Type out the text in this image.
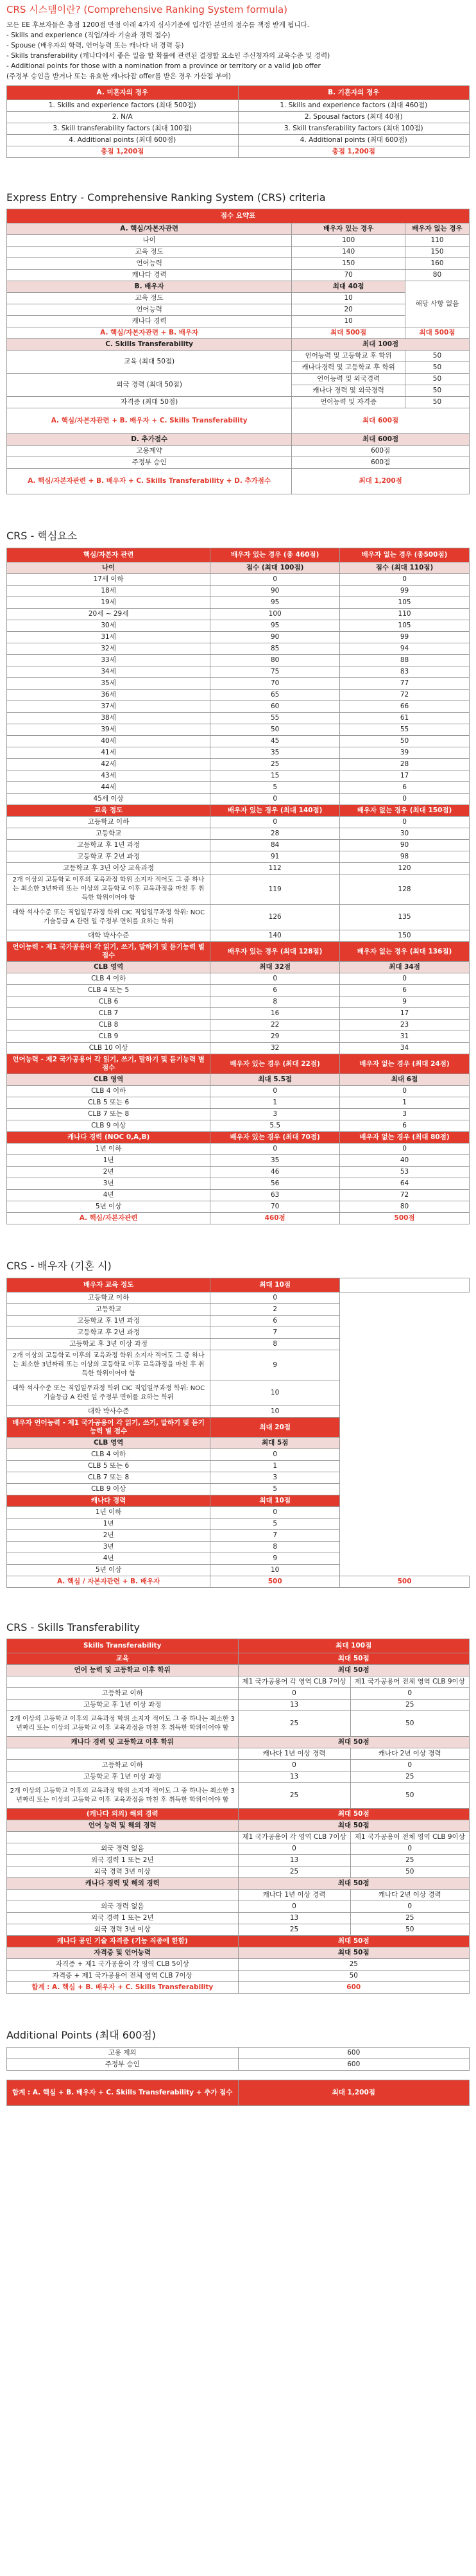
CRS 시스템이란? (Comprehensive Ranking System formula)

모든 EE 후보자들은 총점 1200점 만점 아래 4가지 심사기준에 입각한 본인의 점수를 책정 받게 됩니다.

- Skills and experience (직업/자라 기술과 경력 점수)

- Spouse (배우자의 학력, 언어능력 또는 캐나다 내 경력 등)

- Skills transferability (캐나다에서 좋은 일을 할 확률에 관련된 결정할 요소인 주신청자의 교육수준 및 경력)

- Additional points for those with a nomination from a province or territory or a valid job offer

(주정부 승인을 받거나 또는 유효한 캐나다잡 offer를 받은 경우 가산점 부여)

A. 미혼자의 경우	B. 기혼자의 경우
1. Skills and experience factors (최대 500점)	1. Skills and experience factors (최대 460점)
2. N/A	2. Spousal factors (최대 40점)
3. Skill transferability factors (최대 100점)	3. Skill transferability factors (최대 100점)
4. Additional points (최대 600점)	4. Additional points (최대 600점)
총점 1,200점	총점 1,200점
Express Entry - Comprehensive Ranking System (CRS) criteria
점수 요약표		
A. 핵심/자본자관련	배우자 있는 경우	배우자 없는 경우
나이	100	110
교육 정도	140	150
언어능력	150	160
캐나다 경력	70	80
B. 배우자	최대 40점	해당 사항 없음
교육 정도	10	
언어능력	20	
캐나다 경력	10	
A. 핵심/자본자관련 + B. 배우자	최대 500점	최대 500점
C. Skills Transferability	최대 100점	
교육 (최대 50점)	언어능력 및 고등학교 후 학위	50
	캐나다경력 및 고등학교 후 학위	50
외국 경력 (최대 50점)	언어능력 및 외국경력	50
	캐나다 경력 및 외국경력	50
자격증 (최대 50점)	언어능력 및 자격증	50
A. 핵심/자본자관련 + B. 배우자 + C. Skills Transferability	최대 600점	
D. 추가점수	최대 600점	
고용계약	600점	
주정부 승인	600점	
A. 핵심/자본자관련 + B. 배우자 + C. Skills Transferability + D. 추가점수	최대 1,200점	
CRS - 핵심요소
핵심/자본자 관련	배우자 있는 경우 (총 460점)	배우자 없는 경우 (총500점)
나이	점수 (최대 100점)	점수 (최대 110점)
17세 이하	0	0
18세	90	99
19세	95	105
20세 ~ 29세	100	110
30세	95	105
31세	90	99
32세	85	94
33세	80	88
34세	75	83
35세	70	77
36세	65	72
37세	60	66
38세	55	61
39세	50	55
40세	45	50
41세	35	39
42세	25	28
43세	15	17
44세	5	6
45세 이상	0	0
교육 정도	배우자 있는 경우 (최대 140점)	배우자 없는 경우 (최대 150점)
고등학교 이하	0	0
고등학교	28	30
고등학교 후 1년 과정	84	90
고등학교 후 2년 과정	91	98
고등학교 후 3년 이상 교육과정	112	120
2개 이상의 고등학교 이후의 교육과정 학위 소지자 적어도 그 중 하나는 최소한 3년짜리 또는 이상의 고등학교 이후 교육과정을 마친 후 취득한 학위이어야 함	119	128
대학 석사수준 또는 직업일무과정 학위 CIC 직업일무과정 학위: NOC 기술등급 A 관련 일 주정부 면허를 요하는 학위	126	135
대학 박사수준	140	150
언어능력 - 제1 국가공용어 각 읽기, 쓰기, 말하기 및 듣기능력 별 점수	배우자 있는 경우 (최대 128점)	배우자 없는 경우 (최대 136점)
CLB 영역	최대 32점	최대 34점
CLB 4 이하	0	0
CLB 4 또는 5	6	6
CLB 6	8	9
CLB 7	16	17
CLB 8	22	23
CLB 9	29	31
CLB 10 이상	32	34
언어능력 - 제2 국가공용어 각 읽기, 쓰기, 말하기 및 듣기능력 별 점수	배우자 있는 경우 (최대 22점)	배우자 없는 경우 (최대 24점)
CLB 영역	최대 5.5점	최대 6점
CLB 4 이하	0	0
CLB 5 또는 6	1	1
CLB 7 또는 8	3	3
CLB 9 이상	5.5	6
캐나다 경력 (NOC 0,A,B)	배우자 있는 경우 (최대 70점)	배우자 없는 경우 (최대 80점)
1년 이하	0	0
1년	35	40
2년	46	53
3년	56	64
4년	63	72
5년 이상	70	80
A. 핵심/자본자관련	460점	500점
CRS - 배우자 (기혼 시)
배우자 교육 정도	최대 10점	해당 사항 없음
고등학교 이하	0	
고등학교	2	
고등학교 후 1년 과정	6	
고등학교 후 2년 과정	7	
고등학교 후 3년 이상 과정	8	
2개 이상의 고등학교 이후의 교육과정 학위 소지자 적어도 그 중 하나는 최소한 3년짜리 또는 이상의 고등학교 이후 교육과정을 마친 후 취득한 학위이어야 함	9	
대학 석사수준 또는 직업일무과정 학위 CIC 직업일무과정 학위: NOC 기술등급 A 관련 일 주정부 면허를 요하는 학위	10	
대학 박사수준	10	
배우자 언어능력 - 제1 국가공용어 각 읽기, 쓰기, 말하기 및 듣기능력 별 점수	최대 20점	
CLB 영역	최대 5점	
CLB 4 이하	0	
CLB 5 또는 6	1	
CLB 7 또는 8	3	
CLB 9 이상	5	
캐나다 경력	최대 10점	
1년 이하	0	
1년	5	
2년	7	
3년	8	
4년	9	
5년 이상	10	
A. 핵심 / 자본자관련 + B. 배우자	500	500
CRS - Skills Transferability
Skills Transferability	최대 100점	
교육	최대 50점	
언어 능력 및 고등학교 이후 학위	최대 50점	
	제1 국가공용어 각 영역 CLB 7이상	제1 국가공용어 전체 영역 CLB 9이상
고등학교 이하	0	0
고등학교 후 1년 이상 과정	13	25
2개 이상의 고등학교 이후의 교육과정 학위 소지자 적어도 그 중 하나는 최소한 3년짜리 또는 이상의 고등학교 이후 교육과정을 마친 후 취득한 학위이어야 함	25	50
캐나다 경력 및 고등학교 이후 학위	최대 50점	
	캐나다 1년 이상 경력	캐나다 2년 이상 경력
고등학교 이하	0	0
고등학교 후 1년 이상 과정	13	25
2개 이상의 고등학교 이후의 교육과정 학위 소지자 적어도 그 중 하나는 최소한 3년짜리 또는 이상의 고등학교 이후 교육과정을 마친 후 취득한 학위이어야 함	25	50
(캐나다 외의) 해외 경력	최대 50점	
언어 능력 및 해외 경력	최대 50점	
	제1 국가공용어 각 영역 CLB 7이상	제1 국가공용어 전체 영역 CLB 9이상
외국 경력 없음	0	0
외국 경력 1 또는 2년	13	25
외국 경력 3년 이상	25	50
캐나다 경력 및 해외 경력	최대 50점	
	캐나다 1년 이상 경력	캐나다 2년 이상 경력
외국 경력 없음	0	0
외국 경력 1 또는 2년	13	25
외국 경력 3년 이상	25	50
캐나다 공인 기술 자격증 (기능 직종에 한함)	최대 50점	
자격증 및 언어능력	최대 50점	
자격증 + 제1 국가공용어 각 영역 CLB 5이상	25	
자격증 + 제1 국가공용어 전체 영역 CLB 7이상	50	
합계 : A. 핵심 + B. 배우자 + C. Skills Transferability	600	
Additional Points (최대 600점)
고용 제의	600
주정부 승인	600
합계 : A. 핵심 + B. 배우자 + C. Skills Transferability + 추가 점수	최대 1,200점
